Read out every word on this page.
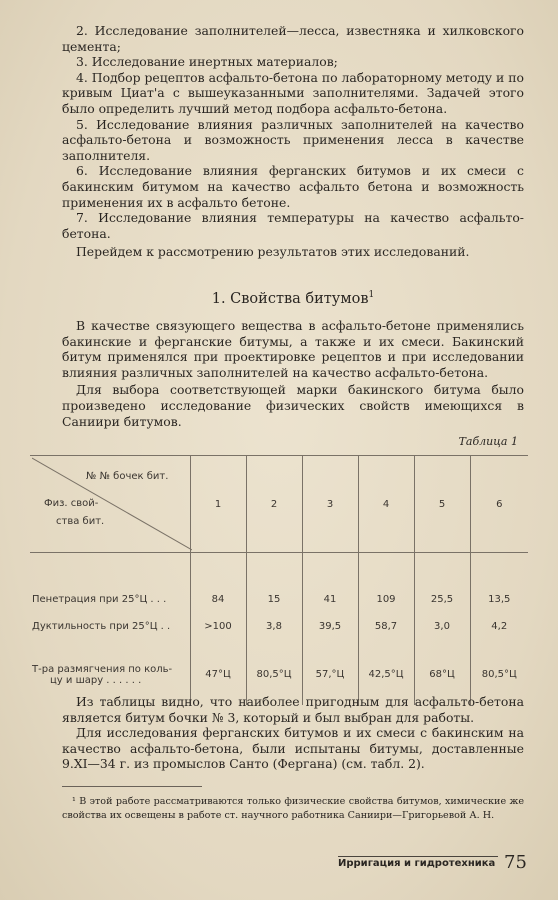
2. Исследование заполнителей—лесса, известняка и хилковского цемента;

3. Исследование инертных материалов;

4. Подбор рецептов асфальто-бетона по лабораторному методу и по кривым Циат'а с вышеуказанными заполнителями. Задачей этого было определить лучший метод подбора асфальто-бетона.

5. Исследование влияния различных заполнителей на качество асфальто-бетона и возможность применения лесса в качестве заполнителя.

6. Исследование влияния ферганских битумов и их смеси с бакинским битумом на качество асфальто бетона и возможность применения их в асфальто бетоне.

7. Исследование влияния температуры на качество асфальто-бетона.

Перейдем к рассмотрению результатов этих исследований.

1. Свойства битумов$^1$

В качестве связующего вещества в асфальто-бетоне применялись бакинские и ферганские битумы, а также и их смеси. Бакинский битум применялся при проектировке рецептов и при исследовании влияния различных заполнителей на качество асфальто-бетона.

Для выбора соответствующей марки бакинского битума было произведено исследование физических свойств имеющихся в Саниири битумов.

Таблица 1
№ № бочек бит.
Физ. свой-
ства бит.	1	2	3	4	5	6
Пенетрация при 25°Ц . . .	84	15	41	109	25,5	13,5
Дуктильность при 25°Ц . .	>100	3,8	39,5	58,7	3,0	4,2

Т-ра размягчения по коль-
цу и шару . . . . . .	47°Ц	80,5°Ц	57,°Ц	42,5°Ц	68°Ц	80,5°Ц

Из таблицы видно, что наиболее пригодным для асфальто-бетона является битум бочки № 3, который и был выбран для работы.

Для исследования ферганских битумов и их смеси с бакинским на качество асфальто-бетона, были испытаны битумы, доставленные 9.XI—34 г. из промыслов Санто (Фергана) (см. табл. 2).

¹ В этой работе рассматриваются только физические свойства битумов, химические же свойства их освещены в работе ст. научного работника Саниири—Григорьевой А. Н.

Ирригация и гидротехника 75
